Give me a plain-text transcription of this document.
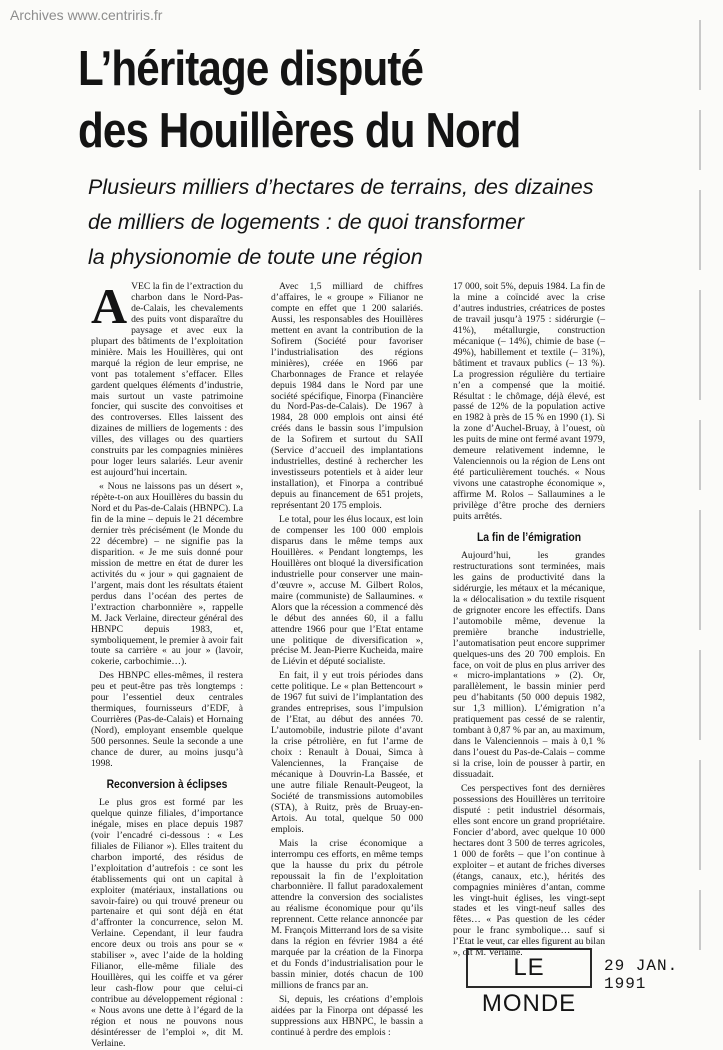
Archives www.centriris.fr
L’héritage disputé
des Houillères du Nord
Plusieurs milliers d’hectares de terrains, des dizaines
de milliers de logements : de quoi transformer
la physionomie de toute une région

AVEC la fin de l’extraction du charbon dans le Nord-Pas-de-Calais, les chevalements des puits vont disparaître du paysage et avec eux la plupart des bâtiments de l’exploitation minière. Mais les Houillères, qui ont marqué la région de leur emprise, ne vont pas totalement s’effacer. Elles gardent quelques éléments d’industrie, mais surtout un vaste patrimoine foncier, qui suscite des convoitises et des controverses. Elles laissent des dizaines de milliers de logements : des villes, des villages ou des quartiers construits par les compagnies minières pour loger leurs salariés. Leur avenir est aujourd’hui incertain.

« Nous ne laissons pas un désert », répète-t-on aux Houillères du bassin du Nord et du Pas-de-Calais (HBNPC). La fin de la mine – depuis le 21 décembre dernier très précisément (le Monde du 22 décembre) – ne signifie pas la disparition. « Je me suis donné pour mission de mettre en état de durer les activités du « jour » qui gagnaient de l’argent, mais dont les résultats étaient perdus dans l’océan des pertes de l’extraction charbonnière », rappelle M. Jack Verlaine, directeur général des HBNPC depuis 1983, et, symboliquement, le premier à avoir fait toute sa carrière « au jour » (lavoir, cokerie, carbochimie…).

Des HBNPC elles-mêmes, il restera peu et peut-être pas très longtemps : pour l’essentiel deux centrales thermiques, fournisseurs d’EDF, à Courrières (Pas-de-Calais) et Hornaing (Nord), employant ensemble quelque 500 personnes. Seule la seconde a une chance de durer, au moins jusqu’à 1998.

Reconversion à éclipses

Le plus gros est formé par les quelque quinze filiales, d’importance inégale, mises en place depuis 1987 (voir l’encadré ci-dessous : « Les filiales de Filianor »). Elles traitent du charbon importé, des résidus de l’exploitation d’autrefois : ce sont les établissements qui ont un capital à exploiter (matériaux, installations ou savoir-faire) ou qui trouvé preneur ou partenaire et qui sont déjà en état d’affronter la concurrence, selon M. Verlaine. Cependant, il leur faudra encore deux ou trois ans pour se « stabiliser », avec l’aide de la holding Filianor, elle-même filiale des Houillères, qui les coiffe et va gérer leur cash-flow pour que celui-ci contribue au développement régional : « Nous avons une dette à l’égard de la région et nous ne pouvons nous désintéresser de l’emploi », dit M. Verlaine.

Avec 1,5 milliard de chiffres d’affaires, le « groupe » Filianor ne compte en effet que 1 200 salariés. Aussi, les responsables des Houillères mettent en avant la contribution de la Sofirem (Société pour favoriser l’industrialisation des régions minières), créée en 1966 par Charbonnages de France et relayée depuis 1984 dans le Nord par une société spécifique, Finorpa (Financière du Nord-Pas-de-Calais). De 1967 à 1984, 28 000 emplois ont ainsi été créés dans le bassin sous l’impulsion de la Sofirem et surtout du SAII (Service d’accueil des implantations industrielles, destiné à rechercher les investisseurs potentiels et à aider leur installation), et Finorpa a contribué depuis au financement de 651 projets, représentant 20 175 emplois.

Le total, pour les élus locaux, est loin de compenser les 100 000 emplois disparus dans le même temps aux Houillères. « Pendant longtemps, les Houillères ont bloqué la diversification industrielle pour conserver une main-d’œuvre », accuse M. Gilbert Rolos, maire (communiste) de Sallaumines. « Alors que la récession a commencé dès le début des années 60, il a fallu attendre 1966 pour que l’Etat entame une politique de diversification », précise M. Jean-Pierre Kucheida, maire de Liévin et député socialiste.

En fait, il y eut trois périodes dans cette politique. Le « plan Bettencourt » de 1967 fut suivi de l’implantation des grandes entreprises, sous l’impulsion de l’Etat, au début des années 70. L’automobile, industrie pilote d’avant la crise pétrolière, en fut l’arme de choix : Renault à Douai, Simca à Valenciennes, la Française de mécanique à Douvrin-La Bassée, et une autre filiale Renault-Peugeot, la Société de transmissions automobiles (STA), à Ruitz, près de Bruay-en-Artois. Au total, quelque 50 000 emplois.

Mais la crise économique a interrompu ces efforts, en même temps que la hausse du prix du pétrole repoussait la fin de l’exploitation charbonnière. Il fallut paradoxalement attendre la conversion des socialistes au réalisme économique pour qu’ils reprennent. Cette relance annoncée par M. François Mitterrand lors de sa visite dans la région en février 1984 a été marquée par la création de la Finorpa et du Fonds d’industrialisation pour le bassin minier, dotés chacun de 100 millions de francs par an.

Si, depuis, les créations d’emplois aidées par la Finorpa ont dépassé les suppressions aux HBNPC, le bassin a continué à perdre des emplois :

17 000, soit 5%, depuis 1984. La fin de la mine a coïncidé avec la crise d’autres industries, créatrices de postes de travail jusqu’à 1975 : sidérurgie (– 41%), métallurgie, construction mécanique (– 14%), chimie de base (– 49%), habillement et textile (– 31%), bâtiment et travaux publics (– 13 %). La progression régulière du tertiaire n’en a compensé que la moitié. Résultat : le chômage, déjà élevé, est passé de 12% de la population active en 1982 à près de 15 % en 1990 (1). Si la zone d’Auchel-Bruay, à l’ouest, où les puits de mine ont fermé avant 1979, demeure relativement indemne, le Valenciennois ou la région de Lens ont été particulièrement touchés. « Nous vivons une catastrophe économique », affirme M. Rolos – Sallaumines a le privilège d’être proche des derniers puits arrêtés.

La fin de l’émigration

Aujourd’hui, les grandes restructurations sont terminées, mais les gains de productivité dans la sidérurgie, les métaux et la mécanique, la « délocalisation » du textile risquent de grignoter encore les effectifs. Dans l’automobile même, devenue la première branche industrielle, l’automatisation peut encore supprimer quelques-uns des 20 700 emplois. En face, on voit de plus en plus arriver des « micro-implantations » (2). Or, parallèlement, le bassin minier perd peu d’habitants (50 000 depuis 1982, sur 1,3 million). L’émigration n’a pratiquement pas cessé de se ralentir, tombant à 0,87 % par an, au maximum, dans le Valenciennois – mais à 0,1 % dans l’ouest du Pas-de-Calais – comme si la crise, loin de pousser à partir, en dissuadait.

Ces perspectives font des dernières possessions des Houillères un territoire disputé : petit industriel désormais, elles sont encore un grand propriétaire. Foncier d’abord, avec quelque 10 000 hectares dont 3 500 de terres agricoles, 1 000 de forêts – que l’on continue à exploiter – et autant de friches diverses (étangs, canaux, etc.), hérités des compagnies minières d’antan, comme les vingt-huit églises, les vingt-sept stades et les vingt-neuf salles des fêtes… « Pas question de les céder pour le franc symbolique… sauf si l’Etat le veut, car elles figurent au bilan », dit M. Verlaine.

LE MONDE
29 JAN. 1991
